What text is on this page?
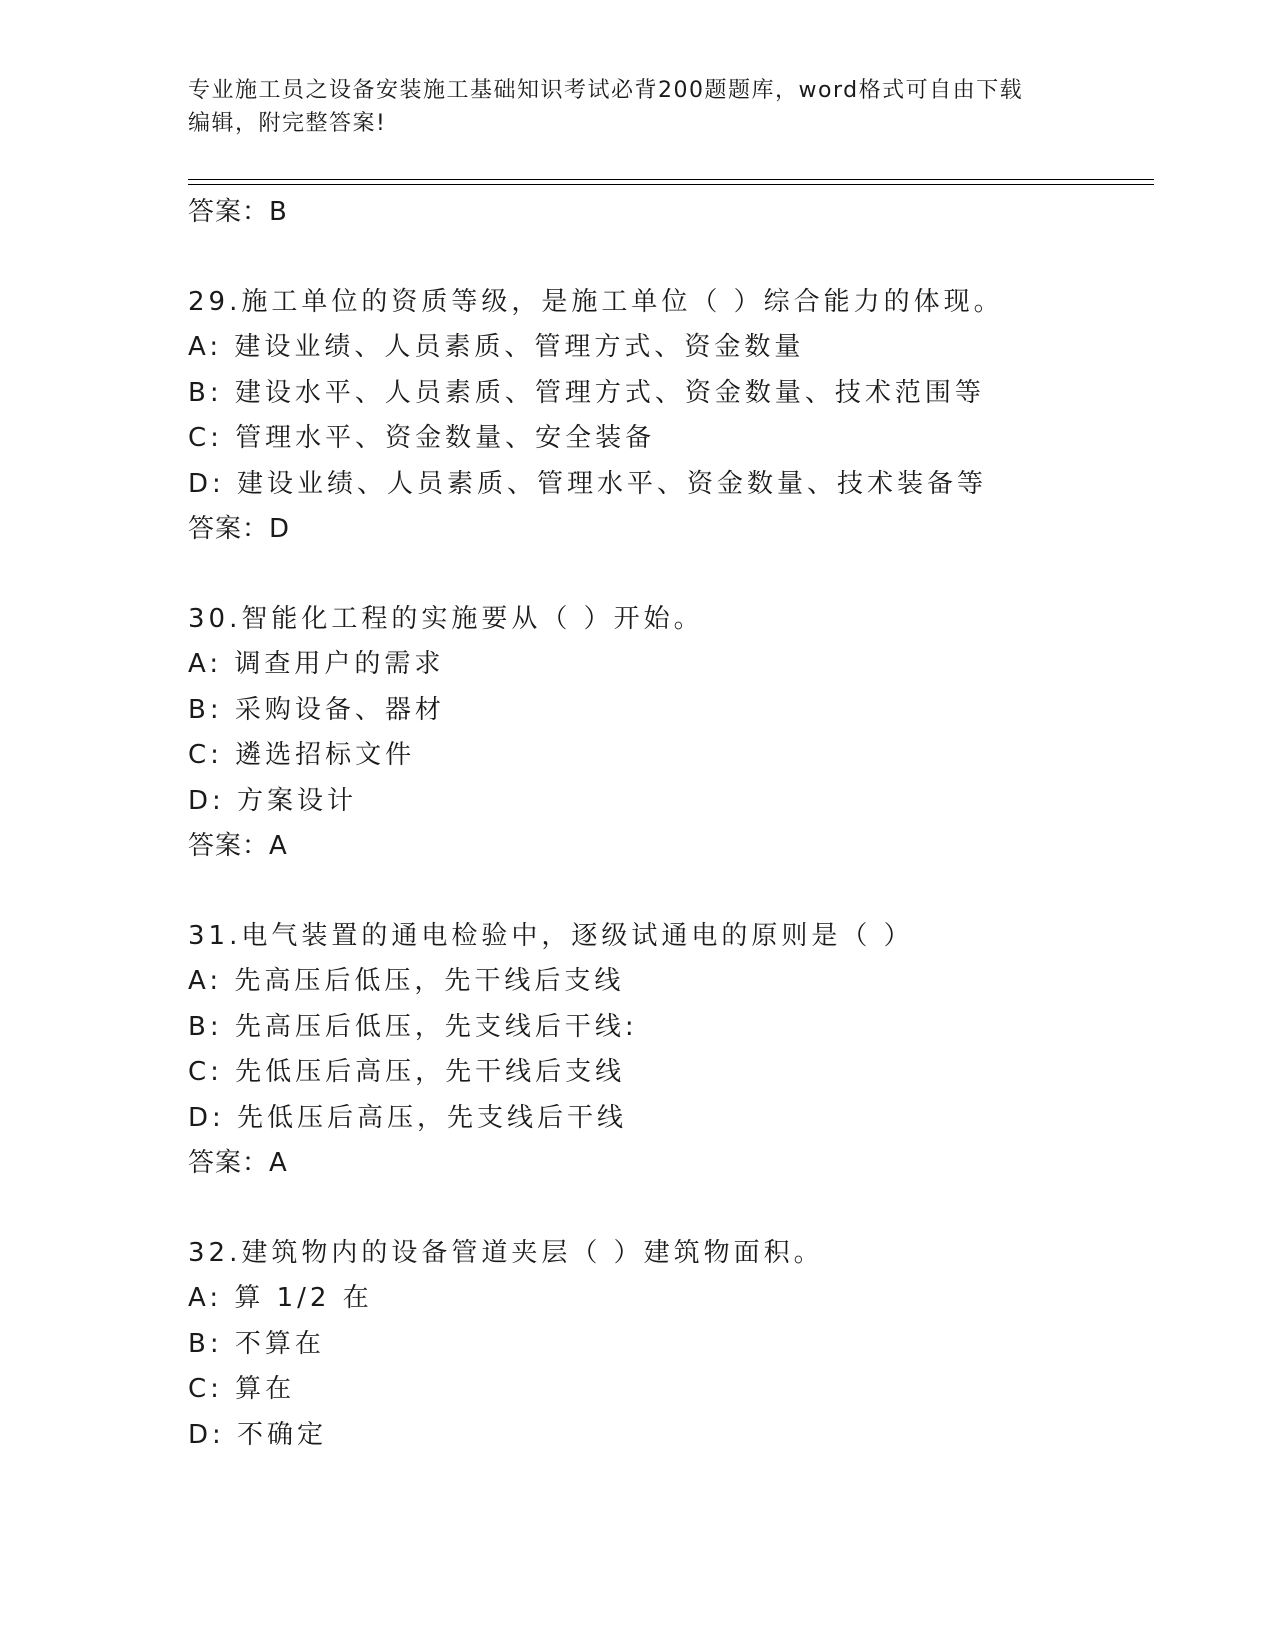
专业施工员之设备安装施工基础知识考试必背200题题库，word格式可自由下载
编辑，附完整答案!
答案：B
29.施工单位的资质等级，是施工单位（ ）综合能力的体现。
A: 建设业绩、人员素质、管理方式、资金数量
B: 建设水平、人员素质、管理方式、资金数量、技术范围等
C: 管理水平、资金数量、安全装备
D: 建设业绩、人员素质、管理水平、资金数量、技术装备等
答案：D
30.智能化工程的实施要从（ ）开始。
A: 调查用户的需求
B: 采购设备、器材
C: 遴选招标文件
D: 方案设计
答案：A
31.电气装置的通电检验中，逐级试通电的原则是（ ）
A: 先高压后低压，先干线后支线
B: 先高压后低压，先支线后干线:
C: 先低压后高压，先干线后支线
D: 先低压后高压，先支线后干线
答案：A
32.建筑物内的设备管道夹层（ ）建筑物面积。
A: 算 1/2 在
B: 不算在
C: 算在
D: 不确定
